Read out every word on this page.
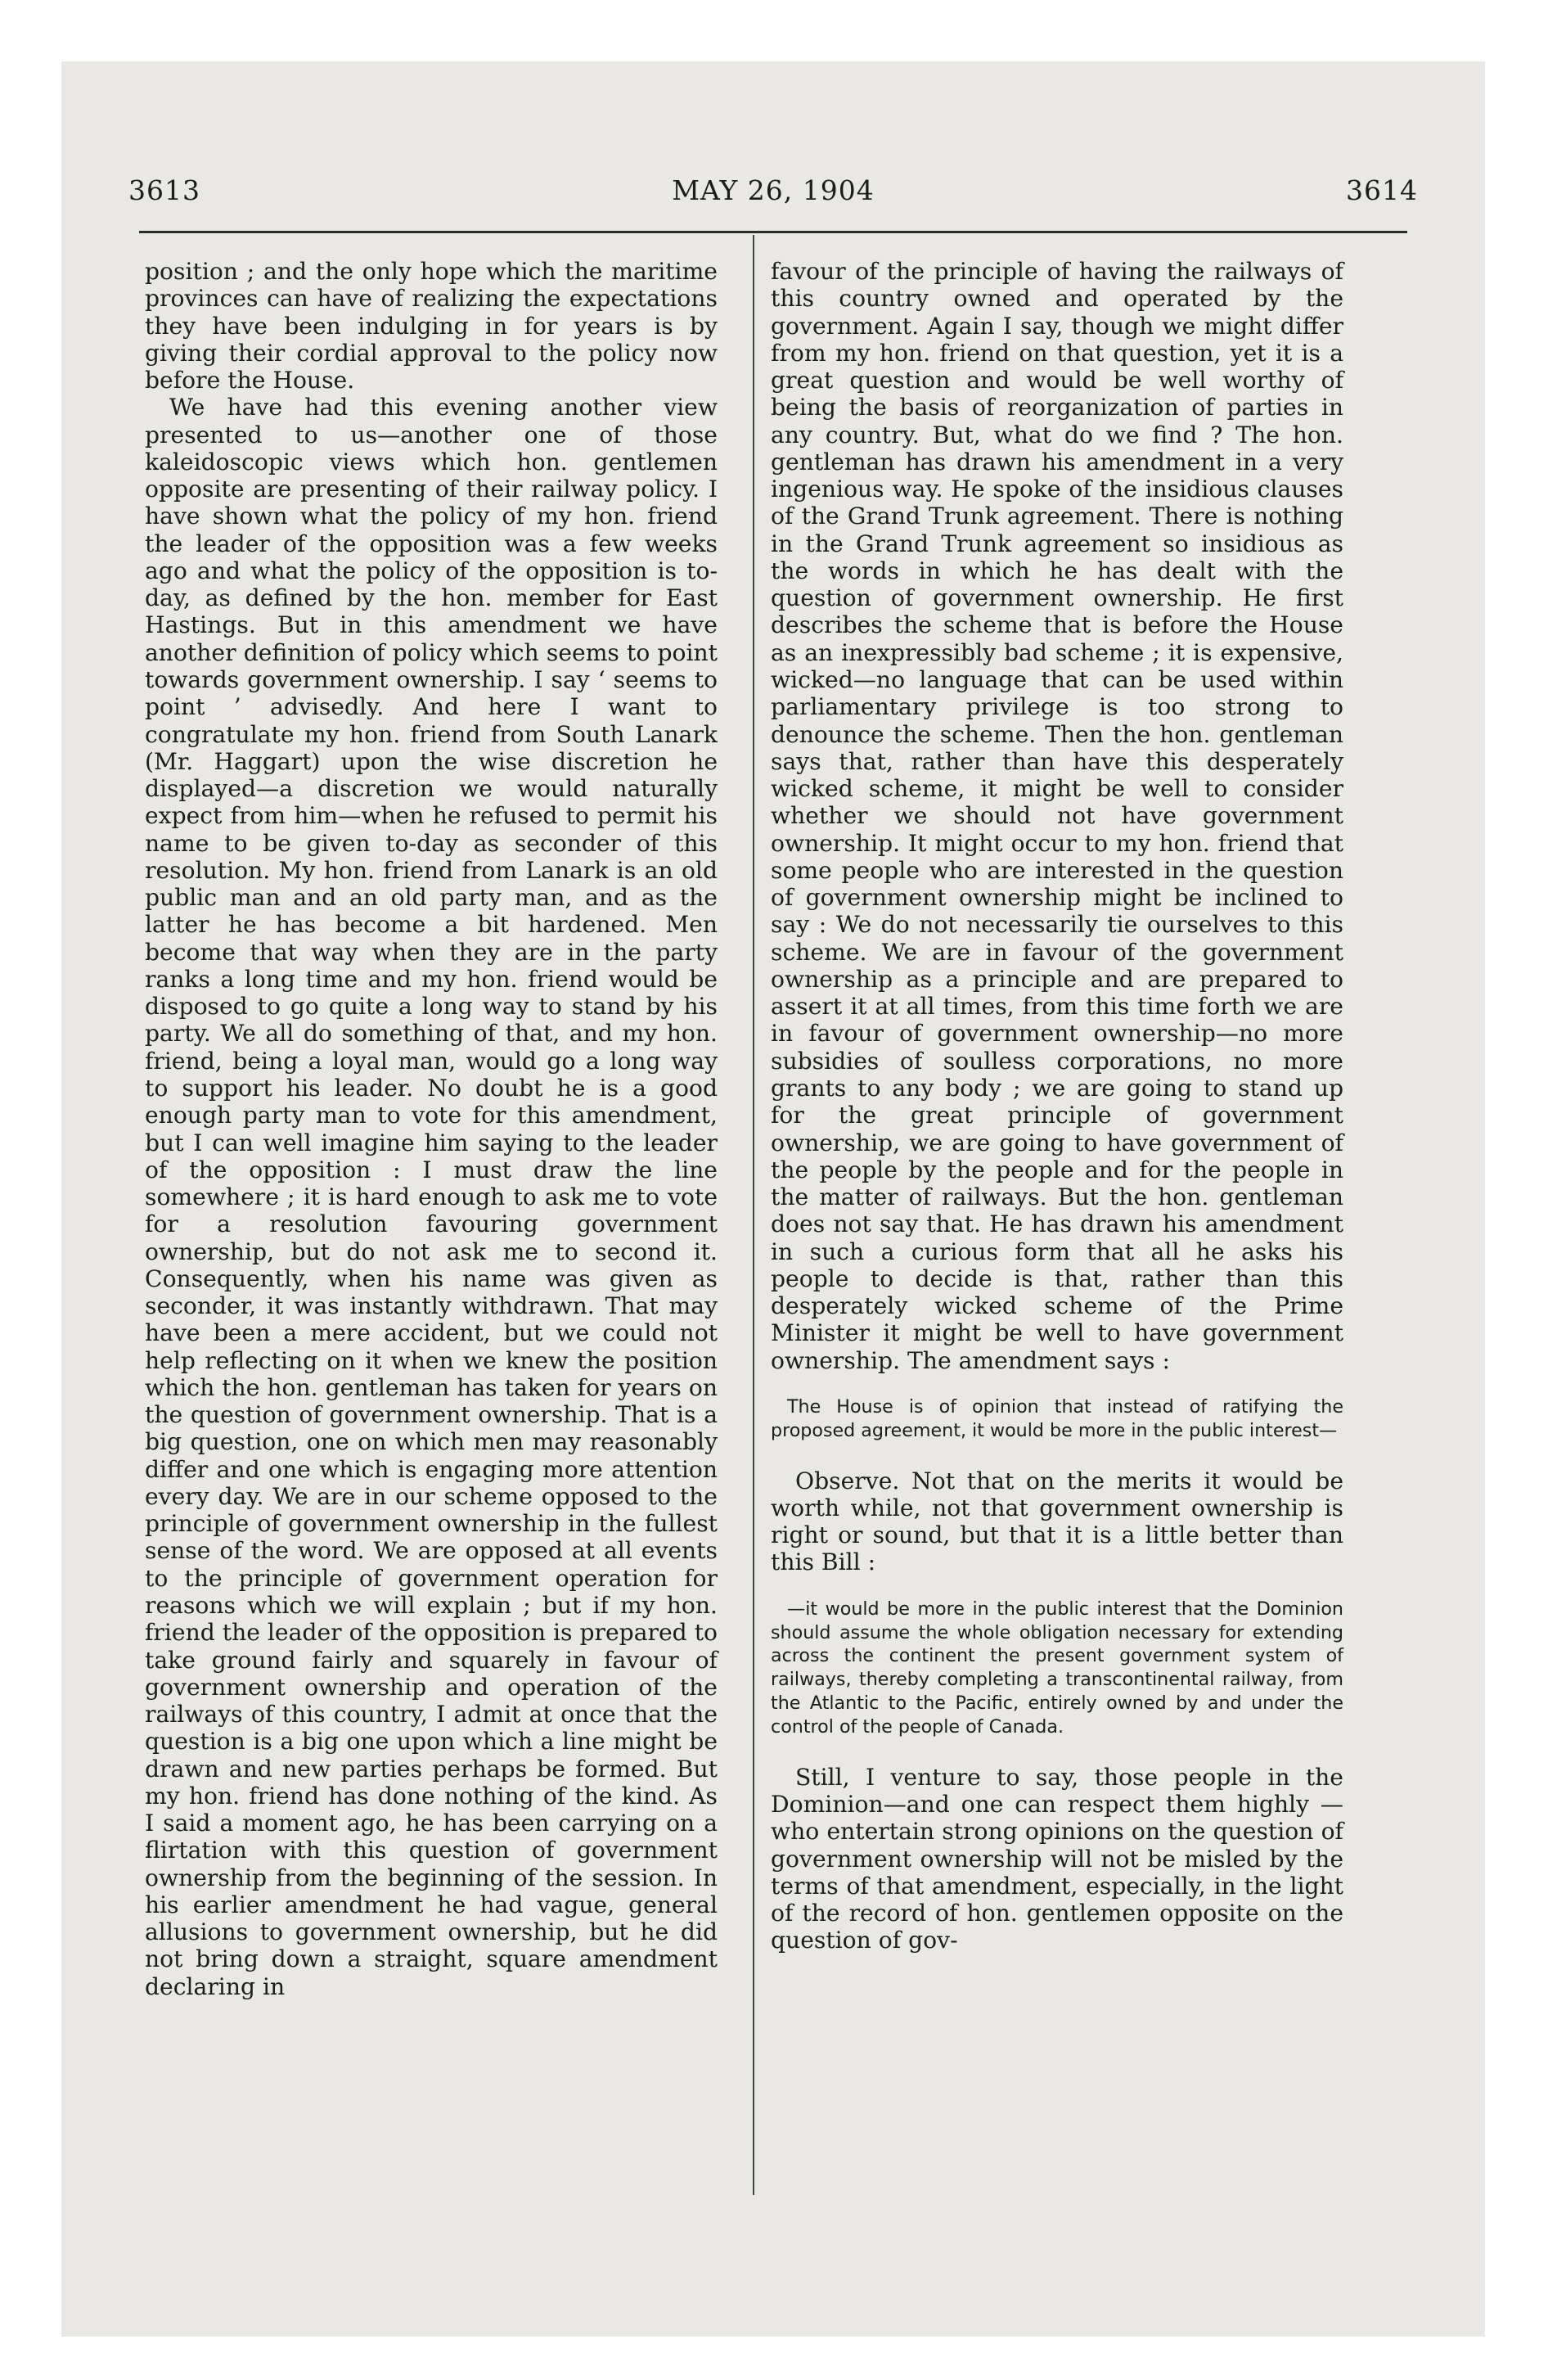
3613	MAY 26, 1904	3614

position ; and the only hope which the maritime provinces can have of realizing the expectations they have been indulging in for years is by giving their cordial approval to the policy now before the House.

We have had this evening another view presented to us—another one of those kaleidoscopic views which hon. gentlemen opposite are presenting of their railway policy. I have shown what the policy of my hon. friend the leader of the opposition was a few weeks ago and what the policy of the opposition is to-day, as defined by the hon. member for East Hastings. But in this amendment we have another definition of policy which seems to point towards government ownership. I say ‘ seems to point ’ advisedly. And here I want to congratulate my hon. friend from South Lanark (Mr. Haggart) upon the wise discretion he displayed—a discretion we would naturally expect from him—when he refused to permit his name to be given to-day as seconder of this resolution. My hon. friend from Lanark is an old public man and an old party man, and as the latter he has become a bit hardened. Men become that way when they are in the party ranks a long time and my hon. friend would be disposed to go quite a long way to stand by his party. We all do something of that, and my hon. friend, being a loyal man, would go a long way to support his leader. No doubt he is a good enough party man to vote for this amendment, but I can well imagine him saying to the leader of the opposition : I must draw the line somewhere ; it is hard enough to ask me to vote for a resolution favouring government ownership, but do not ask me to second it. Consequently, when his name was given as seconder, it was instantly withdrawn. That may have been a mere accident, but we could not help reflecting on it when we knew the position which the hon. gentleman has taken for years on the question of government ownership. That is a big question, one on which men may reasonably differ and one which is engaging more attention every day. We are in our scheme opposed to the principle of government ownership in the fullest sense of the word. We are opposed at all events to the principle of government operation for reasons which we will explain ; but if my hon. friend the leader of the opposition is prepared to take ground fairly and squarely in favour of government ownership and operation of the railways of this country, I admit at once that the question is a big one upon which a line might be drawn and new parties perhaps be formed. But my hon. friend has done nothing of the kind. As I said a moment ago, he has been carrying on a flirtation with this question of government ownership from the beginning of the session. In his earlier amendment he had vague, general allusions to government ownership, but he did not bring down a straight, square amendment declaring in

favour of the principle of having the railways of this country owned and operated by the government. Again I say, though we might differ from my hon. friend on that question, yet it is a great question and would be well worthy of being the basis of reorganization of parties in any country. But, what do we find ? The hon. gentleman has drawn his amendment in a very ingenious way. He spoke of the insidious clauses of the Grand Trunk agreement. There is nothing in the Grand Trunk agreement so insidious as the words in which he has dealt with the question of government ownership. He first describes the scheme that is before the House as an inexpressibly bad scheme ; it is expensive, wicked—no language that can be used within parliamentary privilege is too strong to denounce the scheme. Then the hon. gentleman says that, rather than have this desperately wicked scheme, it might be well to consider whether we should not have government ownership. It might occur to my hon. friend that some people who are interested in the question of government ownership might be inclined to say : We do not necessarily tie ourselves to this scheme. We are in favour of the government ownership as a principle and are prepared to assert it at all times, from this time forth we are in favour of government ownership—no more subsidies of soulless corporations, no more grants to any body ; we are going to stand up for the great principle of government ownership, we are going to have government of the people by the people and for the people in the matter of railways. But the hon. gentleman does not say that. He has drawn his amendment in such a curious form that all he asks his people to decide is that, rather than this desperately wicked scheme of the Prime Minister it might be well to have government ownership. The amendment says :

The House is of opinion that instead of ratifying the proposed agreement, it would be more in the public interest—

Observe. Not that on the merits it would be worth while, not that government ownership is right or sound, but that it is a little better than this Bill :

—it would be more in the public interest that the Dominion should assume the whole obligation necessary for extending across the continent the present government system of railways, thereby completing a transcontinental railway, from the Atlantic to the Pacific, entirely owned by and under the control of the people of Canada.

Still, I venture to say, those people in the Dominion—and one can respect them highly —who entertain strong opinions on the question of government ownership will not be misled by the terms of that amendment, especially, in the light of the record of hon. gentlemen opposite on the question of gov-
